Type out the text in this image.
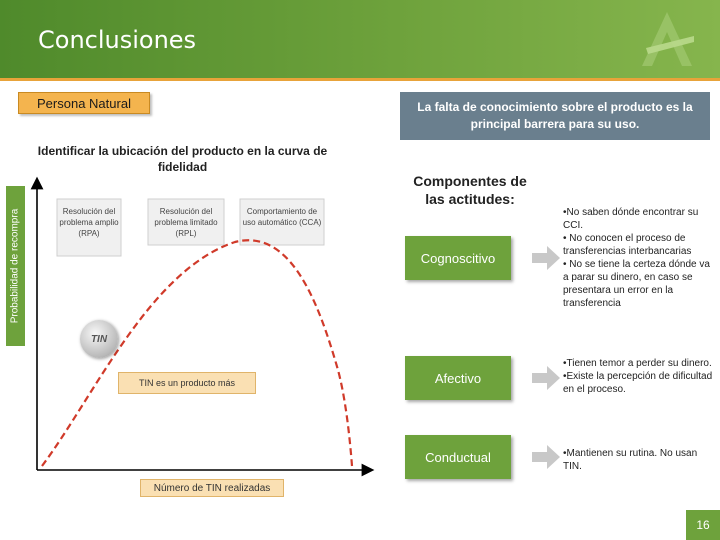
Conclusiones
Persona Natural	La falta de conocimiento sobre el producto es la principal barrera para su uso.
Identificar la ubicación del producto en la curva de fidelidad
Probabilidad de recompra	Resolución del problema amplio (RPA)
Resolución del problema limitado (RPL)
Comportamiento de uso automático (CCA)
TIN
TIN es un producto más
Número de TIN realizadas
Componentes de las actitudes:
Cognoscitivo
•No saben dónde encontrar su CCI.
• No conocen el proceso de transferencias interbancarias
• No se tiene la certeza dónde va a parar su dinero, en caso se presentara un error en la transferencia
Afectivo
•Tienen temor a perder su dinero.
•Existe la percepción de dificultad en el proceso.
Conductual	•Mantienen su rutina. No usan TIN.
16
